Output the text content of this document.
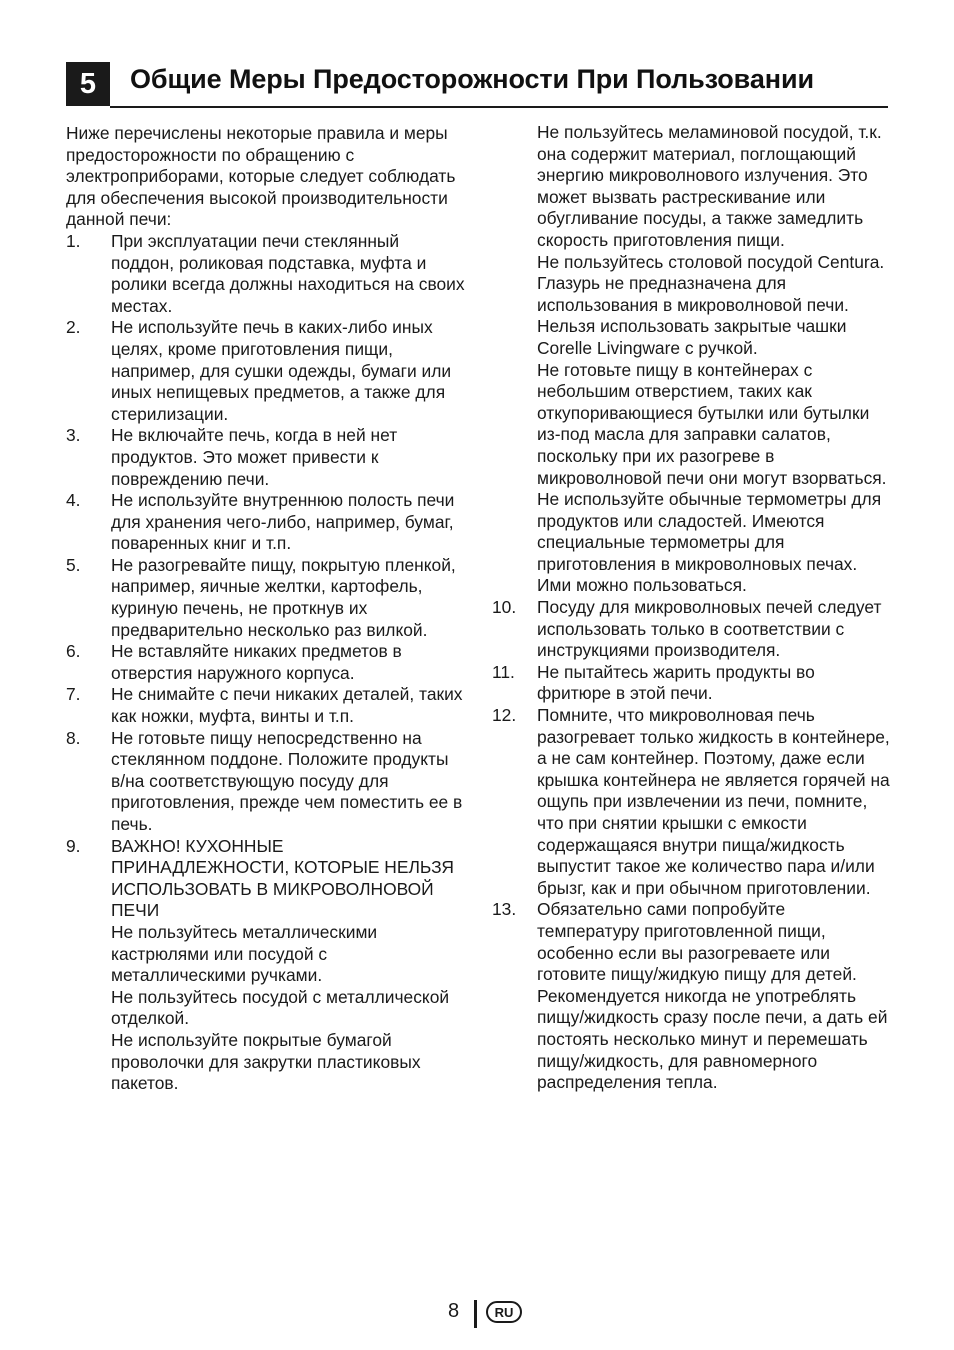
5	Общие Меры Предосторожности При Пользовании

Ниже перечислены некоторые правила и меры предосторожности по обращению с электроприборами, которые следует соблюдать для обеспечения высокой производительности данной печи:

1. При эксплуатации печи стеклянный поддон, роликовая подставка, муфта и ролики всегда должны находиться на своих местах.
2. Не используйте печь в каких-либо иных целях, кроме приготовления пищи, например, для сушки одежды, бумаги или иных непищевых предметов, а также для стерилизации.
3. Не включайте печь, когда в ней нет продуктов. Это может привести к повреждению печи.
4. Не используйте внутреннюю полость печи для хранения чего-либо, например, бумаг, поваренных книг и т.п.
5. Не разогревайте пищу, покрытую пленкой, например, яичные желтки, картофель, куриную печень, не проткнув их предварительно несколько раз вилкой.
6. Не вставляйте никаких предметов в отверстия наружного корпуса.
7. Не снимайте с печи никаких деталей, таких как ножки, муфта, винты и т.п.
8. Не готовьте пищу непосредственно на стеклянном поддоне. Положите продукты в/на соответствующую посуду для приготовления, прежде чем поместить ее в печь.
9. ВАЖНО! КУХОННЫЕ ПРИНАДЛЕЖНОСТИ, КОТОРЫЕ НЕЛЬЗЯ ИСПОЛЬЗОВАТЬ В МИКРОВОЛНОВОЙ ПЕЧИ
Не пользуйтесь металлическими кастрюлями или посудой с металлическими ручками.
Не пользуйтесь посудой с металлической отделкой.
Не используйте покрытые бумагой проволочки для закрутки пластиковых пакетов.

Не пользуйтесь меламиновой посудой, т.к. она содержит материал, поглощающий энергию микроволнового излучения. Это может вызвать растрескивание или обугливание посуды, а также замедлить скорость приготовления пищи.

Не пользуйтесь столовой посудой Centura. Глазурь не предназначена для использования в микроволновой печи. Нельзя использовать закрытые чашки Corelle Livingware с ручкой.

Не готовьте пищу в контейнерах с небольшим отверстием, таких как откупоривающиеся бутылки или бутылки из-под масла для заправки салатов, поскольку при их разогреве в микроволновой печи они могут взорваться.

Не используйте обычные термометры для продуктов или сладостей. Имеются специальные термометры для приготовления в микроволновых печах. Ими можно пользоваться.

10. Посуду для микроволновых печей следует использовать только в соответствии с инструкциями производителя.
11. Не пытайтесь жарить продукты во фритюре в этой печи.
12. Помните, что микроволновая печь разогревает только жидкость в контейнере, а не сам контейнер. Поэтому, даже если крышка контейнера не является горячей на ощупь при извлечении из печи, помните, что при снятии крышки с емкости содержащаяся внутри пища/жидкость выпустит такое же количество пара и/или брызг, как и при обычном приготовлении.
13. Обязательно сами попробуйте температуру приготовленной пищи, особенно если вы разогреваете или готовите пищу/жидкую пищу для детей. Рекомендуется никогда не употреблять пищу/жидкость сразу после печи, а дать ей постоять несколько минут и перемешать пищу/жидкость, для равномерного распределения тепла.
8	RU
